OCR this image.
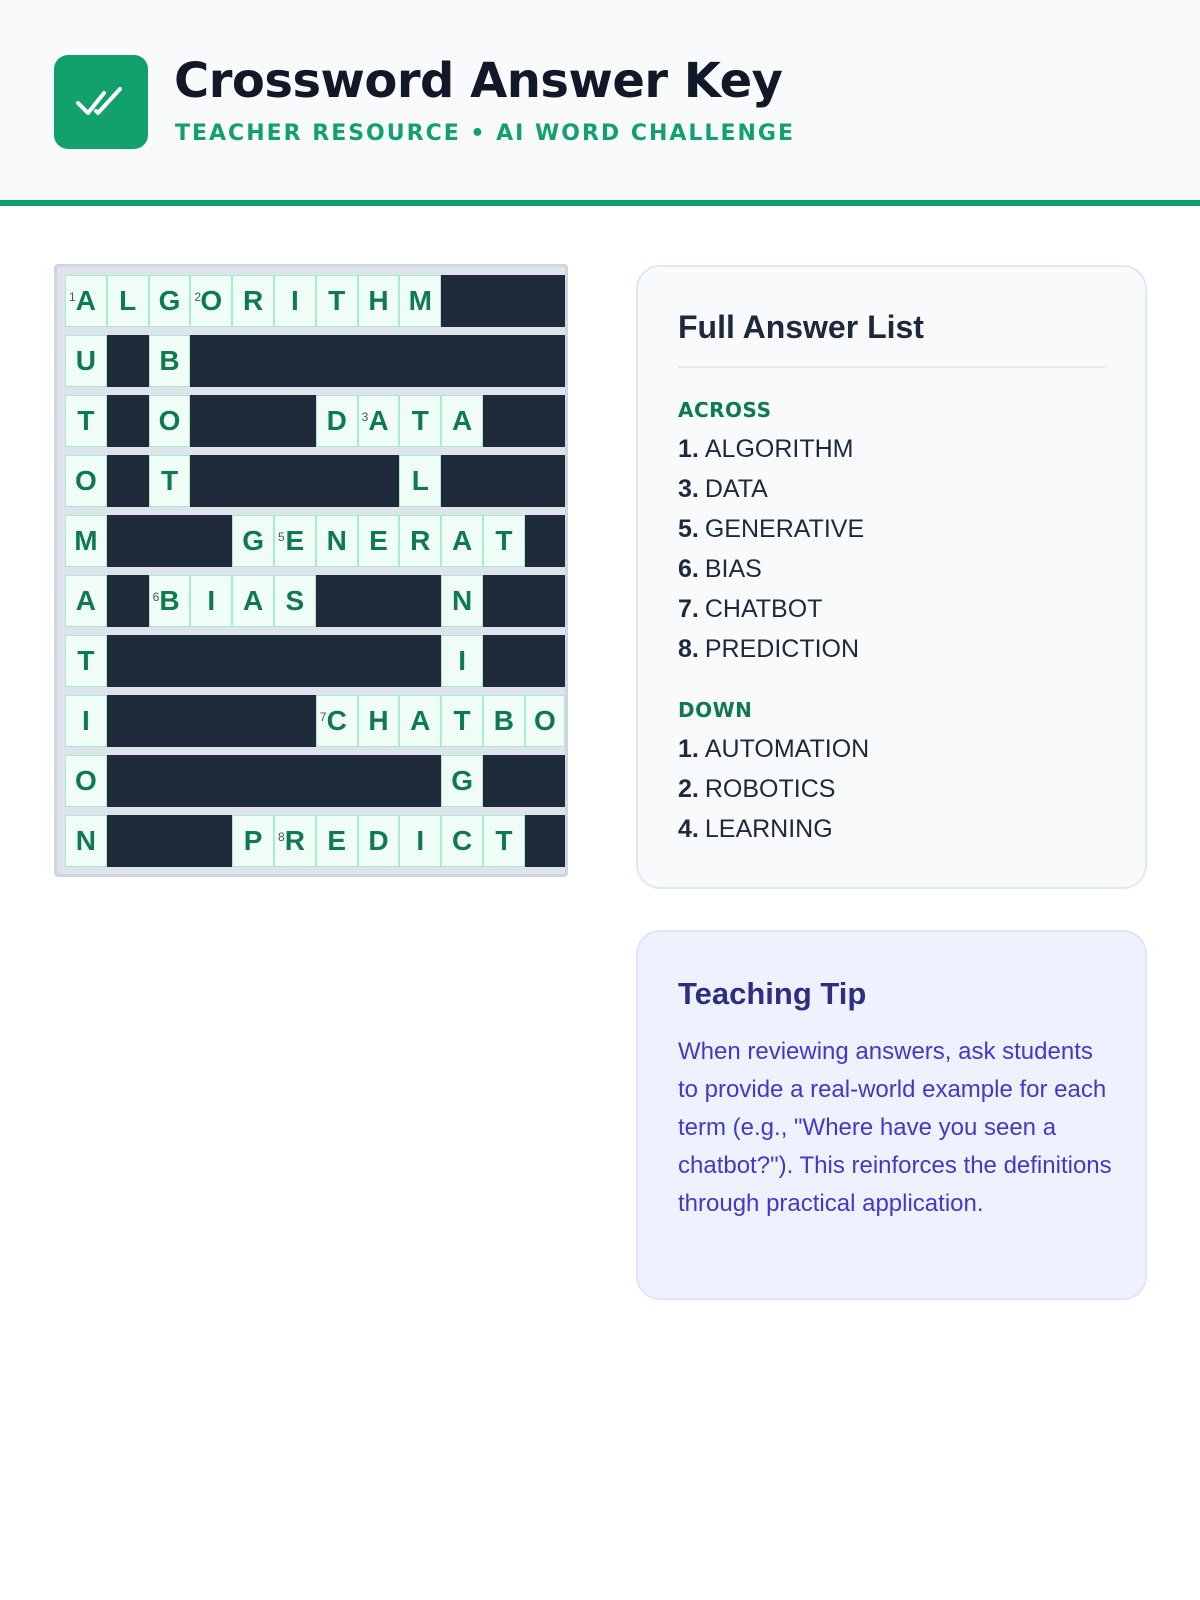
Crossword Answer Key
TEACHER RESOURCE • AI WORD CHALLENGE
1 A L G	2 O R I	T H M
U	B
T	O	D	3 A T A
O	T	L
M	G	5 E N E R A T
A	6 B I A S	N
T	I
I	7 C H A T B O
O	G
N	P	8 R E D I C T
Full Answer List
ACROSS
1. ALGORITHM
3. DATA
5. GENERATIVE
6. BIAS
7. CHATBOT
8. PREDICTION
DOWN
1. AUTOMATION
2. ROBOTICS
4. LEARNING
Teaching Tip
When reviewing answers, ask students to provide a real-world example for each term (e.g., "Where have you seen a chatbot?"). This reinforces the definitions through practical application.
